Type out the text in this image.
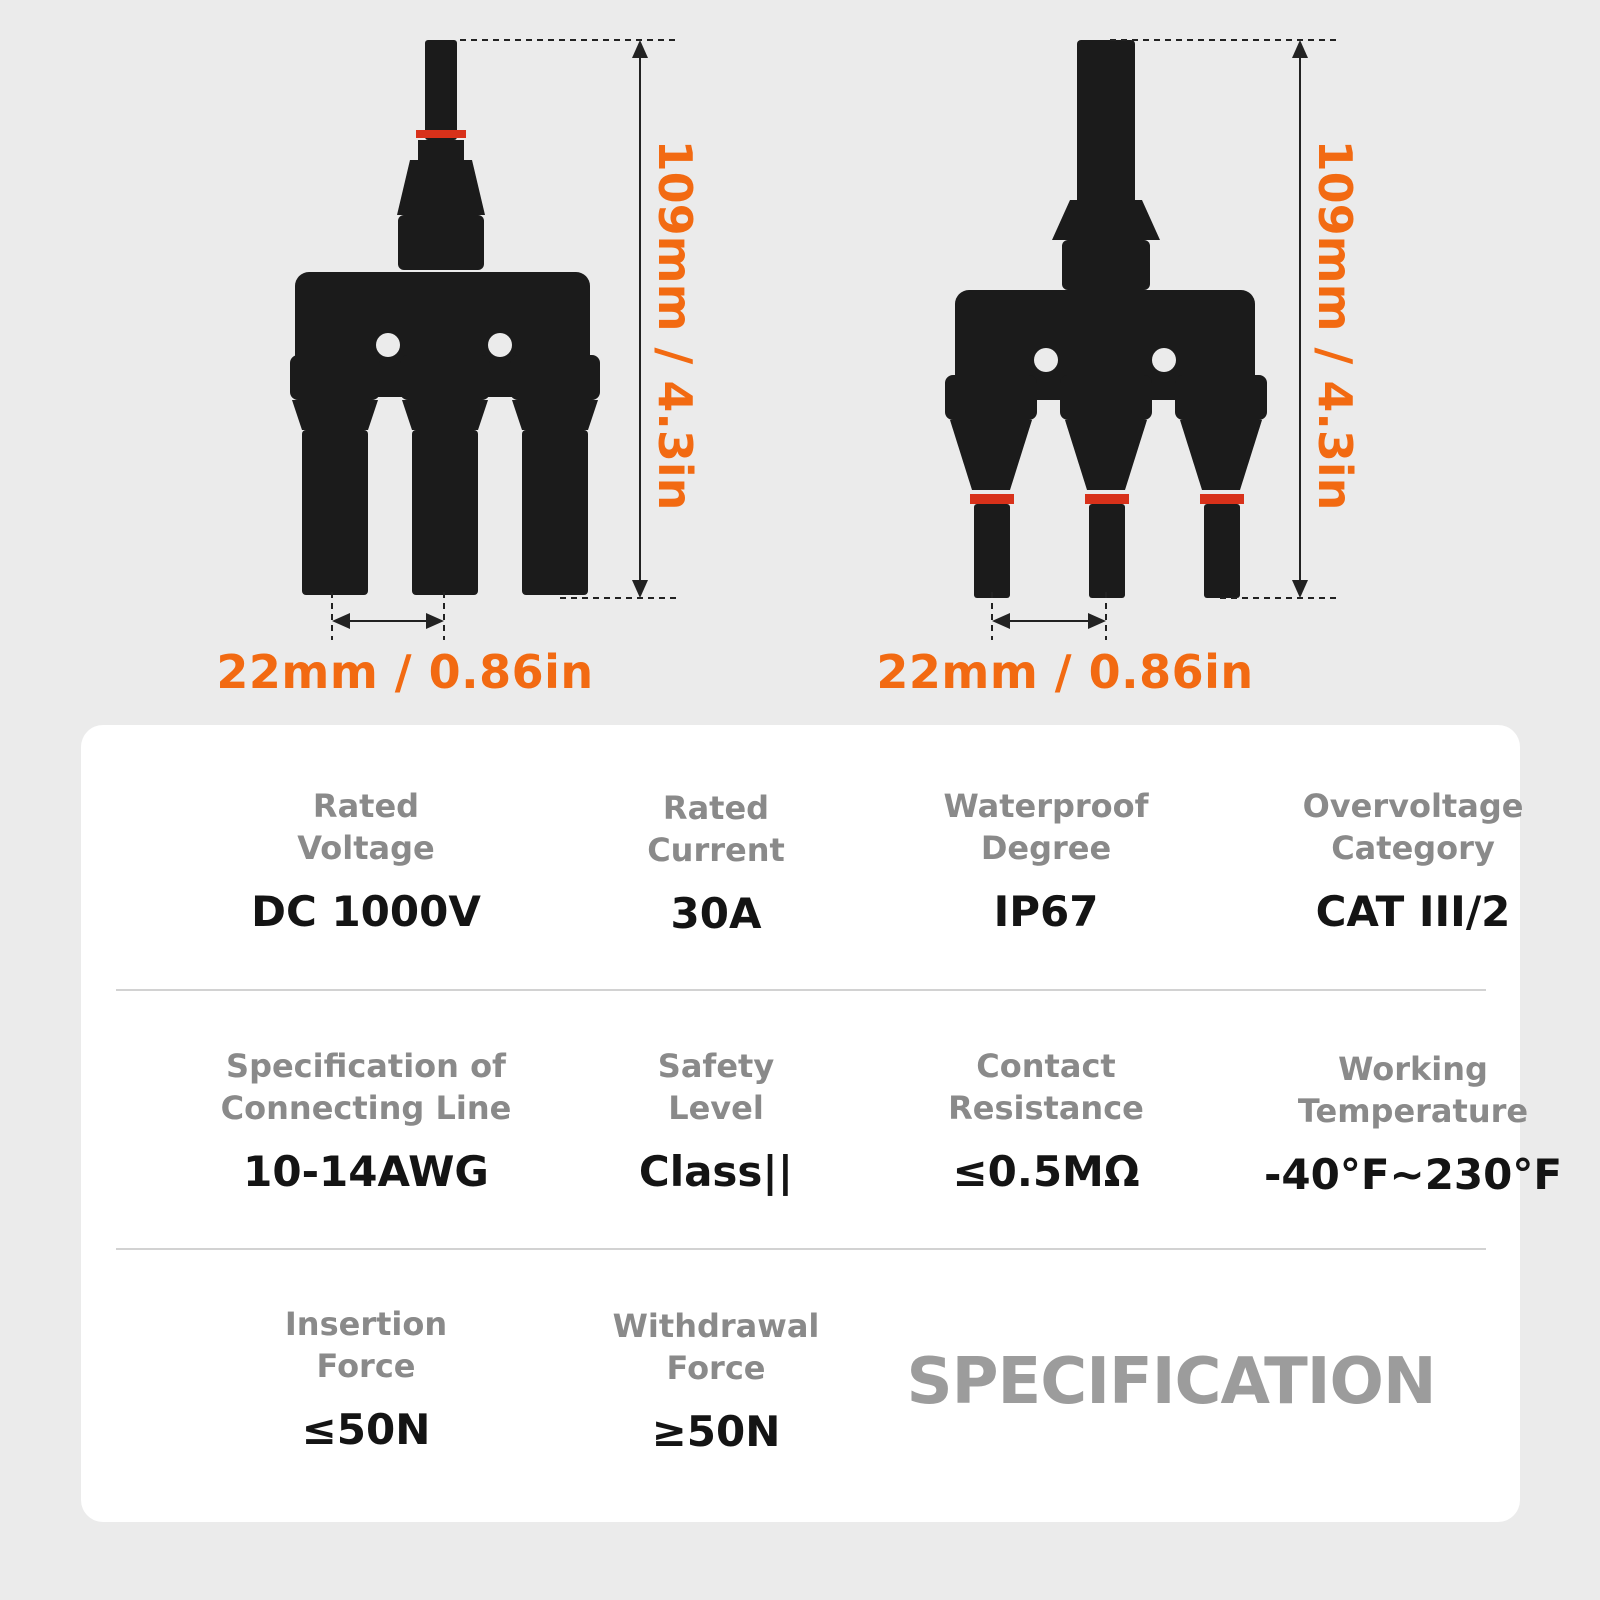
22mm / 0.86in	22mm / 0.86in
109mm / 4.3in	109mm / 4.3in
Rated
Voltage
DC 1000V
Rated
Current
30A
Waterproof
Degree
IP67
Overvoltage
Category
CAT III/2
Specification of
Connecting Line
10-14AWG
Safety
Level
Class||
Contact
Resistance
≤0.5MΩ
Working
Temperature
-40°F~230°F
Insertion
Force
≤50N
Withdrawal
Force
≥50N
SPECIFICATION
